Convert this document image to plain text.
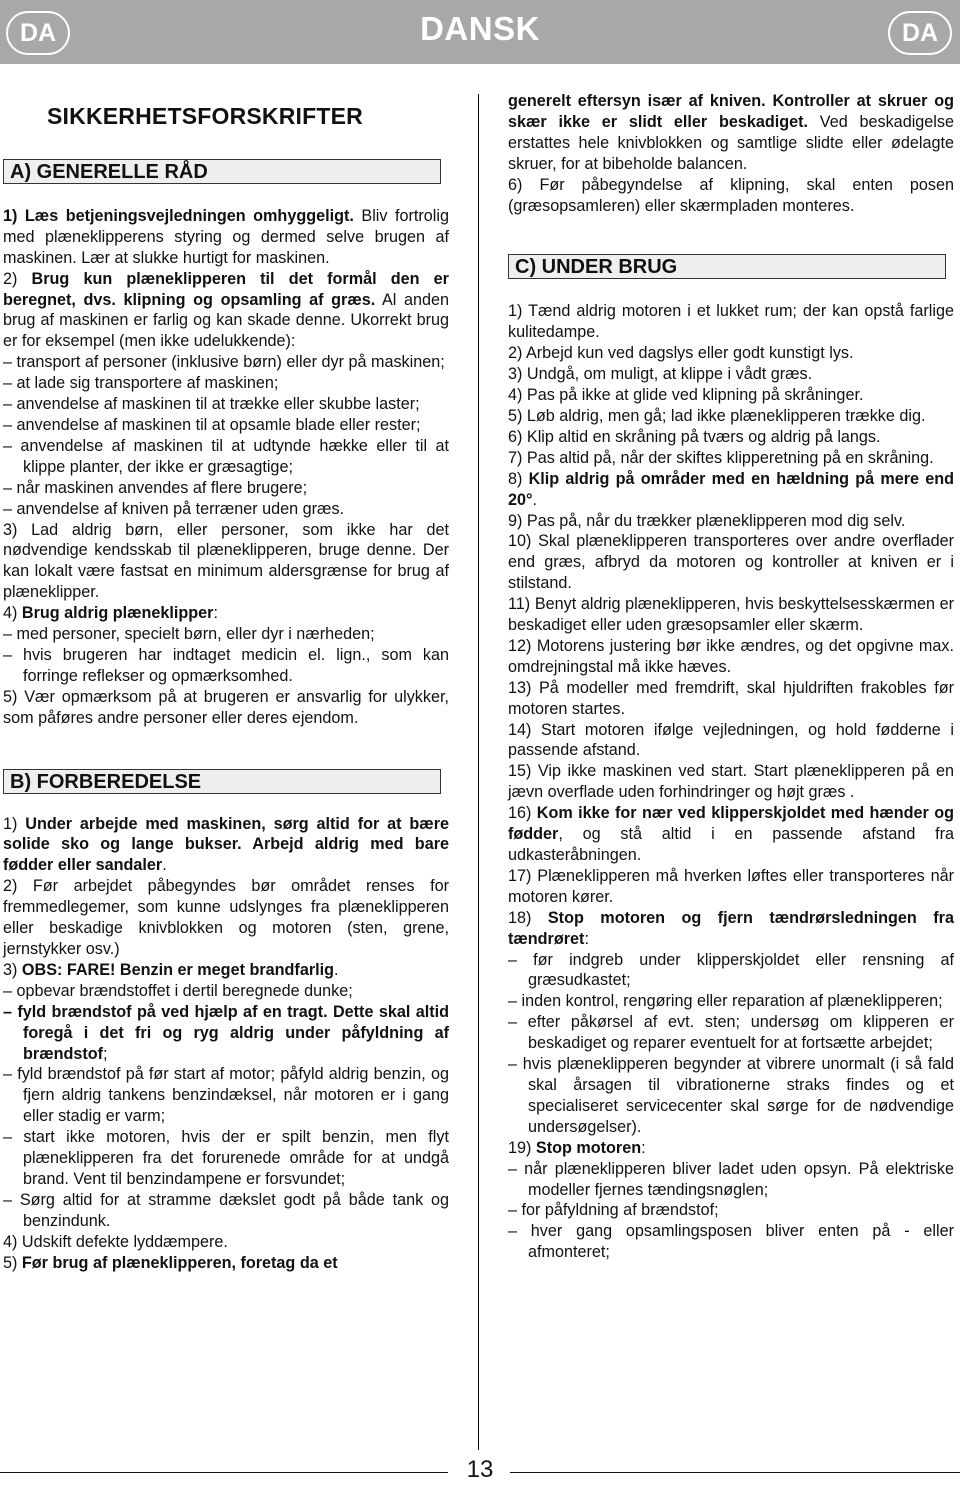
DA	DANSK	DA
SIKKERHETSFORSKRIFTER
A) GENERELLE RÅD

1) Læs betjeningsvejledningen omhyggeligt. Bliv fortrolig med plæneklipperens styring og dermed selve brugen af maskinen. Lær at slukke hurtigt for maskinen.

2) Brug kun plæneklipperen til det formål den er beregnet, dvs. klipning og opsamling af græs. Al anden brug af maskinen er farlig og kan skade denne. Ukorrekt brug er for eksempel (men ikke udelukkende):

– transport af personer (inklusive børn) eller dyr på maskinen;

– at lade sig transportere af maskinen;

– anvendelse af maskinen til at trække eller skubbe laster;

– anvendelse af maskinen til at opsamle blade eller rester;

– anvendelse af maskinen til at udtynde hække eller til at klippe planter, der ikke er græsagtige;

– når maskinen anvendes af flere brugere;

– anvendelse af kniven på terræner uden græs.

3) Lad aldrig børn, eller personer, som ikke har det nødvendige kendsskab til plæneklipperen, bruge denne. Der kan lokalt være fastsat en minimum aldersgrænse for brug af plæneklipper.

4) Brug aldrig plæneklipper:

– med personer, specielt børn, eller dyr i nærheden;

– hvis brugeren har indtaget medicin el. lign., som kan forringe reflekser og opmærksomhed.

5) Vær opmærksom på at brugeren er ansvarlig for ulykker, som påføres andre personer eller deres ejendom.

B) FORBEREDELSE

1) Under arbejde med maskinen, sørg altid for at bære solide sko og lange bukser. Arbejd aldrig med bare fødder eller sandaler.

2) Før arbejdet påbegyndes bør området renses for fremmedlegemer, som kunne udslynges fra plæneklipperen eller beskadige knivblokken og motoren (sten, grene, jernstykker osv.)

3) OBS: FARE! Benzin er meget brandfarlig.

– opbevar brændstoffet i dertil beregnede dunke;

– fyld brændstof på ved hjælp af en tragt. Dette skal altid foregå i det fri og ryg aldrig under påfyldning af brændstof;

– fyld brændstof på før start af motor; påfyld aldrig benzin, og fjern aldrig tankens benzindæksel, når motoren er i gang eller stadig er varm;

– start ikke motoren, hvis der er spilt benzin, men flyt plæneklipperen fra det forurenede område for at undgå brand. Vent til benzindampene er forsvundet;

– Sørg altid for at stramme dækslet godt på både tank og benzindunk.

4) Udskift defekte lyddæmpere.

5) Før brug af plæneklipperen, foretag da et

generelt eftersyn især af kniven. Kontroller at skruer og skær ikke er slidt eller beskadiget. Ved beskadigelse erstattes hele knivblokken og samtlige slidte eller ødelagte skruer, for at bibeholde balancen.

6) Før påbegyndelse af klipning, skal enten posen (græsopsamleren) eller skærmpladen monteres.

C) UNDER BRUG

1) Tænd aldrig motoren i et lukket rum; der kan opstå farlige kulitedampe.

2) Arbejd kun ved dagslys eller godt kunstigt lys.

3) Undgå, om muligt, at klippe i vådt græs.

4) Pas på ikke at glide ved klipning på skråninger.

5) Løb aldrig, men gå; lad ikke plæneklipperen trække dig.

6) Klip altid en skråning på tværs og aldrig på langs.

7) Pas altid på, når der skiftes klipperetning på en skråning.

8) Klip aldrig på områder med en hældning på mere end 20°.

9) Pas på, når du trækker plæneklipperen mod dig selv.

10) Skal plæneklipperen transporteres over andre overflader end græs, afbryd da motoren og kontroller at kniven er i stilstand.

11) Benyt aldrig plæneklipperen, hvis beskyttelsesskærmen er beskadiget eller uden græsopsamler eller skærm.

12) Motorens justering bør ikke ændres, og det opgivne max. omdrejningstal må ikke hæves.

13) På modeller med fremdrift, skal hjuldriften frakobles før motoren startes.

14) Start motoren ifølge vejledningen, og hold fødderne i passende afstand.

15) Vip ikke maskinen ved start. Start plæneklipperen på en jævn overflade uden forhindringer og højt græs .

16) Kom ikke for nær ved klipperskjoldet med hænder og fødder, og stå altid i en passende afstand fra udkasteråbningen.

17) Plæneklipperen må hverken løftes eller transporteres når motoren kører.

18) Stop motoren og fjern tændrørsledningen fra tændrøret:

– før indgreb under klipperskjoldet eller rensning af græsudkastet;

– inden kontrol, rengøring eller reparation af plæneklipperen;

– efter påkørsel af evt. sten; undersøg om klipperen er beskadiget og reparer eventuelt for at fortsætte arbejdet;

– hvis plæneklipperen begynder at vibrere unormalt (i så fald skal årsagen til vibrationerne straks findes og et specialiseret servicecenter skal sørge for de nødvendige undersøgelser).

19) Stop motoren:

– når plæneklipperen bliver ladet uden opsyn. På elektriske modeller fjernes tændingsnøglen;

– for påfyldning af brændstof;

– hver gang opsamlingsposen bliver enten på - eller afmonteret;

13
